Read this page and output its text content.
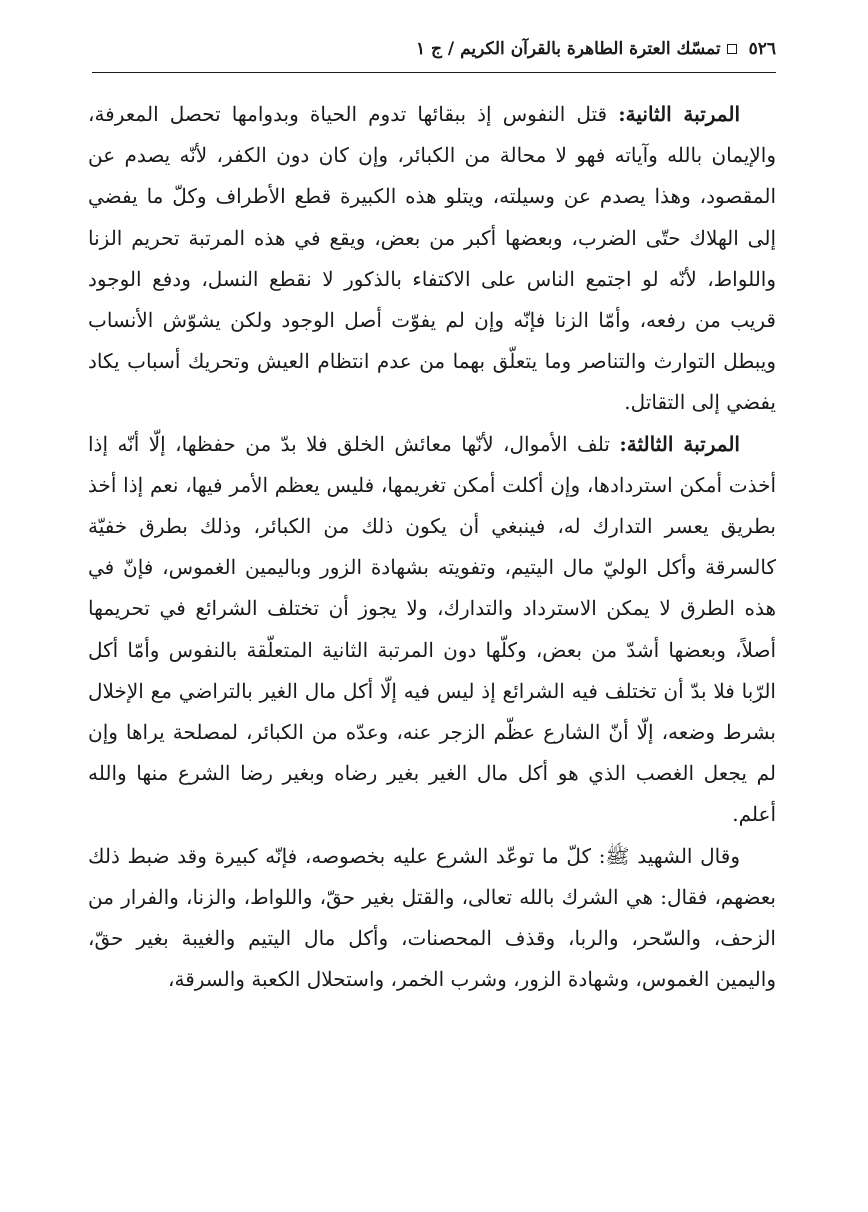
٥٢٦
تمسّك العترة الطاهرة بالقرآن الكريم / ج ١

المرتبة الثانية: قتل النفوس إذ ببقائها تدوم الحياة وبدوامها تحصل المعرفة، والإيمان بالله وآياته فهو لا محالة من الكبائر، وإن كان دون الكفر، لأنّه يصدم عن المقصود، وهذا يصدم عن وسيلته، ويتلو هذه الكبيرة قطع الأطراف وكلّ ما يفضي إلى الهلاك حتّى الضرب، وبعضها أكبر من بعض، ويقع في هذه المرتبة تحريم الزنا واللواط، لأنّه لو اجتمع الناس على الاكتفاء بالذكور لا نقطع النسل، ودفع الوجود قريب من رفعه، وأمّا الزنا فإنّه وإن لم يفوّت أصل الوجود ولكن يشوّش الأنساب ويبطل التوارث والتناصر وما يتعلّق بهما من عدم انتظام العيش وتحريك أسباب يكاد يفضي إلى التقاتل.

المرتبة الثالثة: تلف الأموال، لأنّها معائش الخلق فلا بدّ من حفظها، إلّا أنّه إذا أخذت أمكن استردادها، وإن أكلت أمكن تغريمها، فليس يعظم الأمر فيها، نعم إذا أخذ بطريق يعسر التدارك له، فينبغي أن يكون ذلك من الكبائر، وذلك بطرق خفيّة كالسرقة وأكل الوليّ مال اليتيم، وتفويته بشهادة الزور وباليمين الغموس، فإنّ في هذه الطرق لا يمكن الاسترداد والتدارك، ولا يجوز أن تختلف الشرائع في تحريمها أصلاً، وبعضها أشدّ من بعض، وكلّها دون المرتبة الثانية المتعلّقة بالنفوس وأمّا أكل الرّبا فلا بدّ أن تختلف فيه الشرائع إذ ليس فيه إلّا أكل مال الغير بالتراضي مع الإخلال بشرط وضعه، إلّا أنّ الشارع عظّم الزجر عنه، وعدّه من الكبائر، لمصلحة يراها وإن لم يجعل الغصب الذي هو أكل مال الغير بغير رضاه وبغير رضا الشرع منها والله أعلم.

وقال الشهيد ﷺ: كلّ ما توعّد الشرع عليه بخصوصه، فإنّه كبيرة وقد ضبط ذلك بعضهم، فقال: هي الشرك بالله تعالى، والقتل بغير حقّ، واللواط، والزنا، والفرار من الزحف، والسّحر، والربا، وقذف المحصنات، وأكل مال اليتيم والغيبة بغير حقّ، واليمين الغموس، وشهادة الزور، وشرب الخمر، واستحلال الكعبة والسرقة،
